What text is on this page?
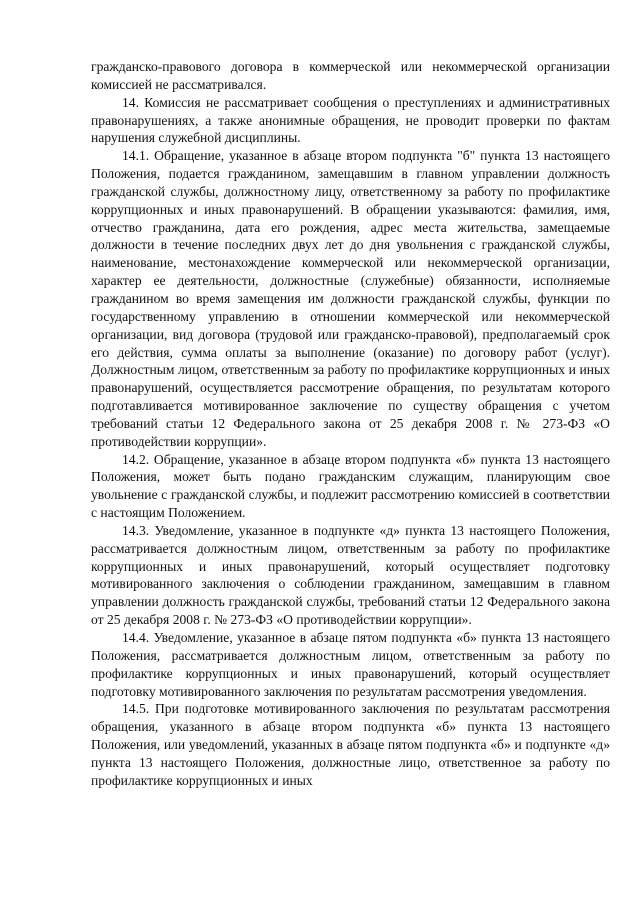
гражданско-правового договора в коммерческой или некоммерческой организации комиссией не рассматривался.

14. Комиссия не рассматривает сообщения о преступлениях и административных правонарушениях, а также анонимные обращения, не проводит проверки по фактам нарушения служебной дисциплины.

14.1. Обращение, указанное в абзаце втором подпункта "б" пункта 13 настоящего Положения, подается гражданином, замещавшим в главном управлении должность гражданской службы, должностному лицу, ответственному за работу по профилактике коррупционных и иных правонарушений. В обращении указываются: фамилия, имя, отчество гражданина, дата его рождения, адрес места жительства, замещаемые должности в течение последних двух лет до дня увольнения с гражданской службы, наименование, местонахождение коммерческой или некоммерческой организации, характер ее деятельности, должностные (служебные) обязанности, исполняемые гражданином во время замещения им должности гражданской службы, функции по государственному управлению в отношении коммерческой или некоммерческой организации, вид договора (трудовой или гражданско-правовой), предполагаемый срок его действия, сумма оплаты за выполнение (оказание) по договору работ (услуг). Должностным лицом, ответственным за работу по профилактике коррупционных и иных правонарушений, осуществляется рассмотрение обращения, по результатам которого подготавливается мотивированное заключение по существу обращения с учетом требований статьи 12 Федерального закона от 25 декабря 2008 г. № 273-ФЗ «О противодействии коррупции».

14.2. Обращение, указанное в абзаце втором подпункта «б» пункта 13 настоящего Положения, может быть подано гражданским служащим, планирующим свое увольнение с гражданской службы, и подлежит рассмотрению комиссией в соответствии с настоящим Положением.

14.3. Уведомление, указанное в подпункте «д» пункта 13 настоящего Положения, рассматривается должностным лицом, ответственным за работу по профилактике коррупционных и иных правонарушений, который осуществляет подготовку мотивированного заключения о соблюдении гражданином, замещавшим в главном управлении должность гражданской службы, требований статьи 12 Федерального закона от 25 декабря 2008 г. № 273-ФЗ «О противодействии коррупции».

14.4. Уведомление, указанное в абзаце пятом подпункта «б» пункта 13 настоящего Положения, рассматривается должностным лицом, ответственным за работу по профилактике коррупционных и иных правонарушений, который осуществляет подготовку мотивированного заключения по результатам рассмотрения уведомления.

14.5. При подготовке мотивированного заключения по результатам рассмотрения обращения, указанного в абзаце втором подпункта «б» пункта 13 настоящего Положения, или уведомлений, указанных в абзаце пятом подпункта «б» и подпункте «д» пункта 13 настоящего Положения, должностные лицо, ответственное за работу по профилактике коррупционных и иных
